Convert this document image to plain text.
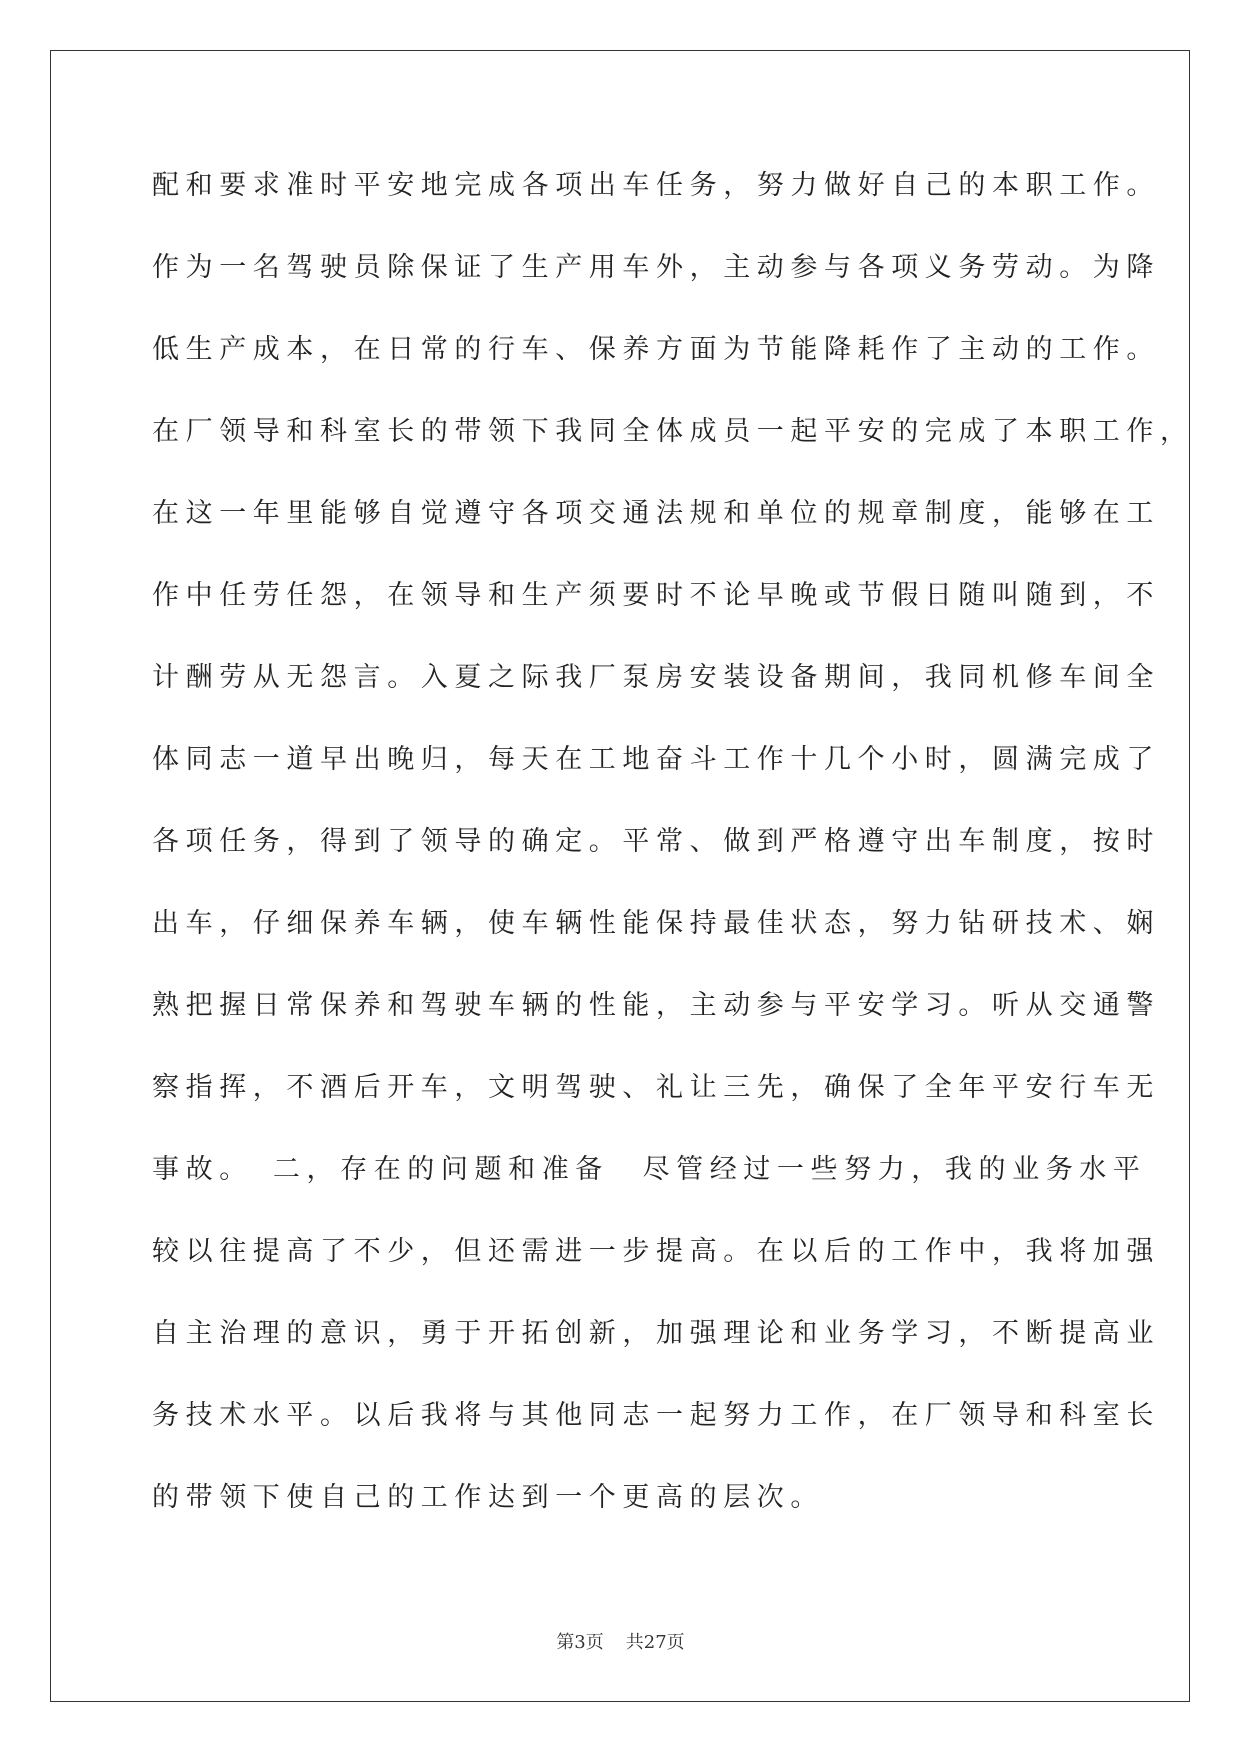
配和要求准时平安地完成各项出车任务，努力做好自己的本职工作。
作为一名驾驶员除保证了生产用车外，主动参与各项义务劳动。为降
低生产成本，在日常的行车、保养方面为节能降耗作了主动的工作。
在厂领导和科室长的带领下我同全体成员一起平安的完成了本职工作，
在这一年里能够自觉遵守各项交通法规和单位的规章制度，能够在工
作中任劳任怨，在领导和生产须要时不论早晚或节假日随叫随到，不
计酬劳从无怨言。入夏之际我厂泵房安装设备期间，我同机修车间全
体同志一道早出晚归，每天在工地奋斗工作十几个小时，圆满完成了
各项任务，得到了领导的确定。平常、做到严格遵守出车制度，按时
出车，仔细保养车辆，使车辆性能保持最佳状态，努力钻研技术、娴
熟把握日常保养和驾驶车辆的性能，主动参与平安学习。听从交通警
察指挥，不酒后开车，文明驾驶、礼让三先，确保了全年平安行车无
事故。　二，存在的问题和准备　尽管经过一些努力，我的业务水平
较以往提高了不少，但还需进一步提高。在以后的工作中，我将加强
自主治理的意识，勇于开拓创新，加强理论和业务学习，不断提高业
务技术水平。以后我将与其他同志一起努力工作，在厂领导和科室长
的带领下使自己的工作达到一个更高的层次。
第3页 共27页
